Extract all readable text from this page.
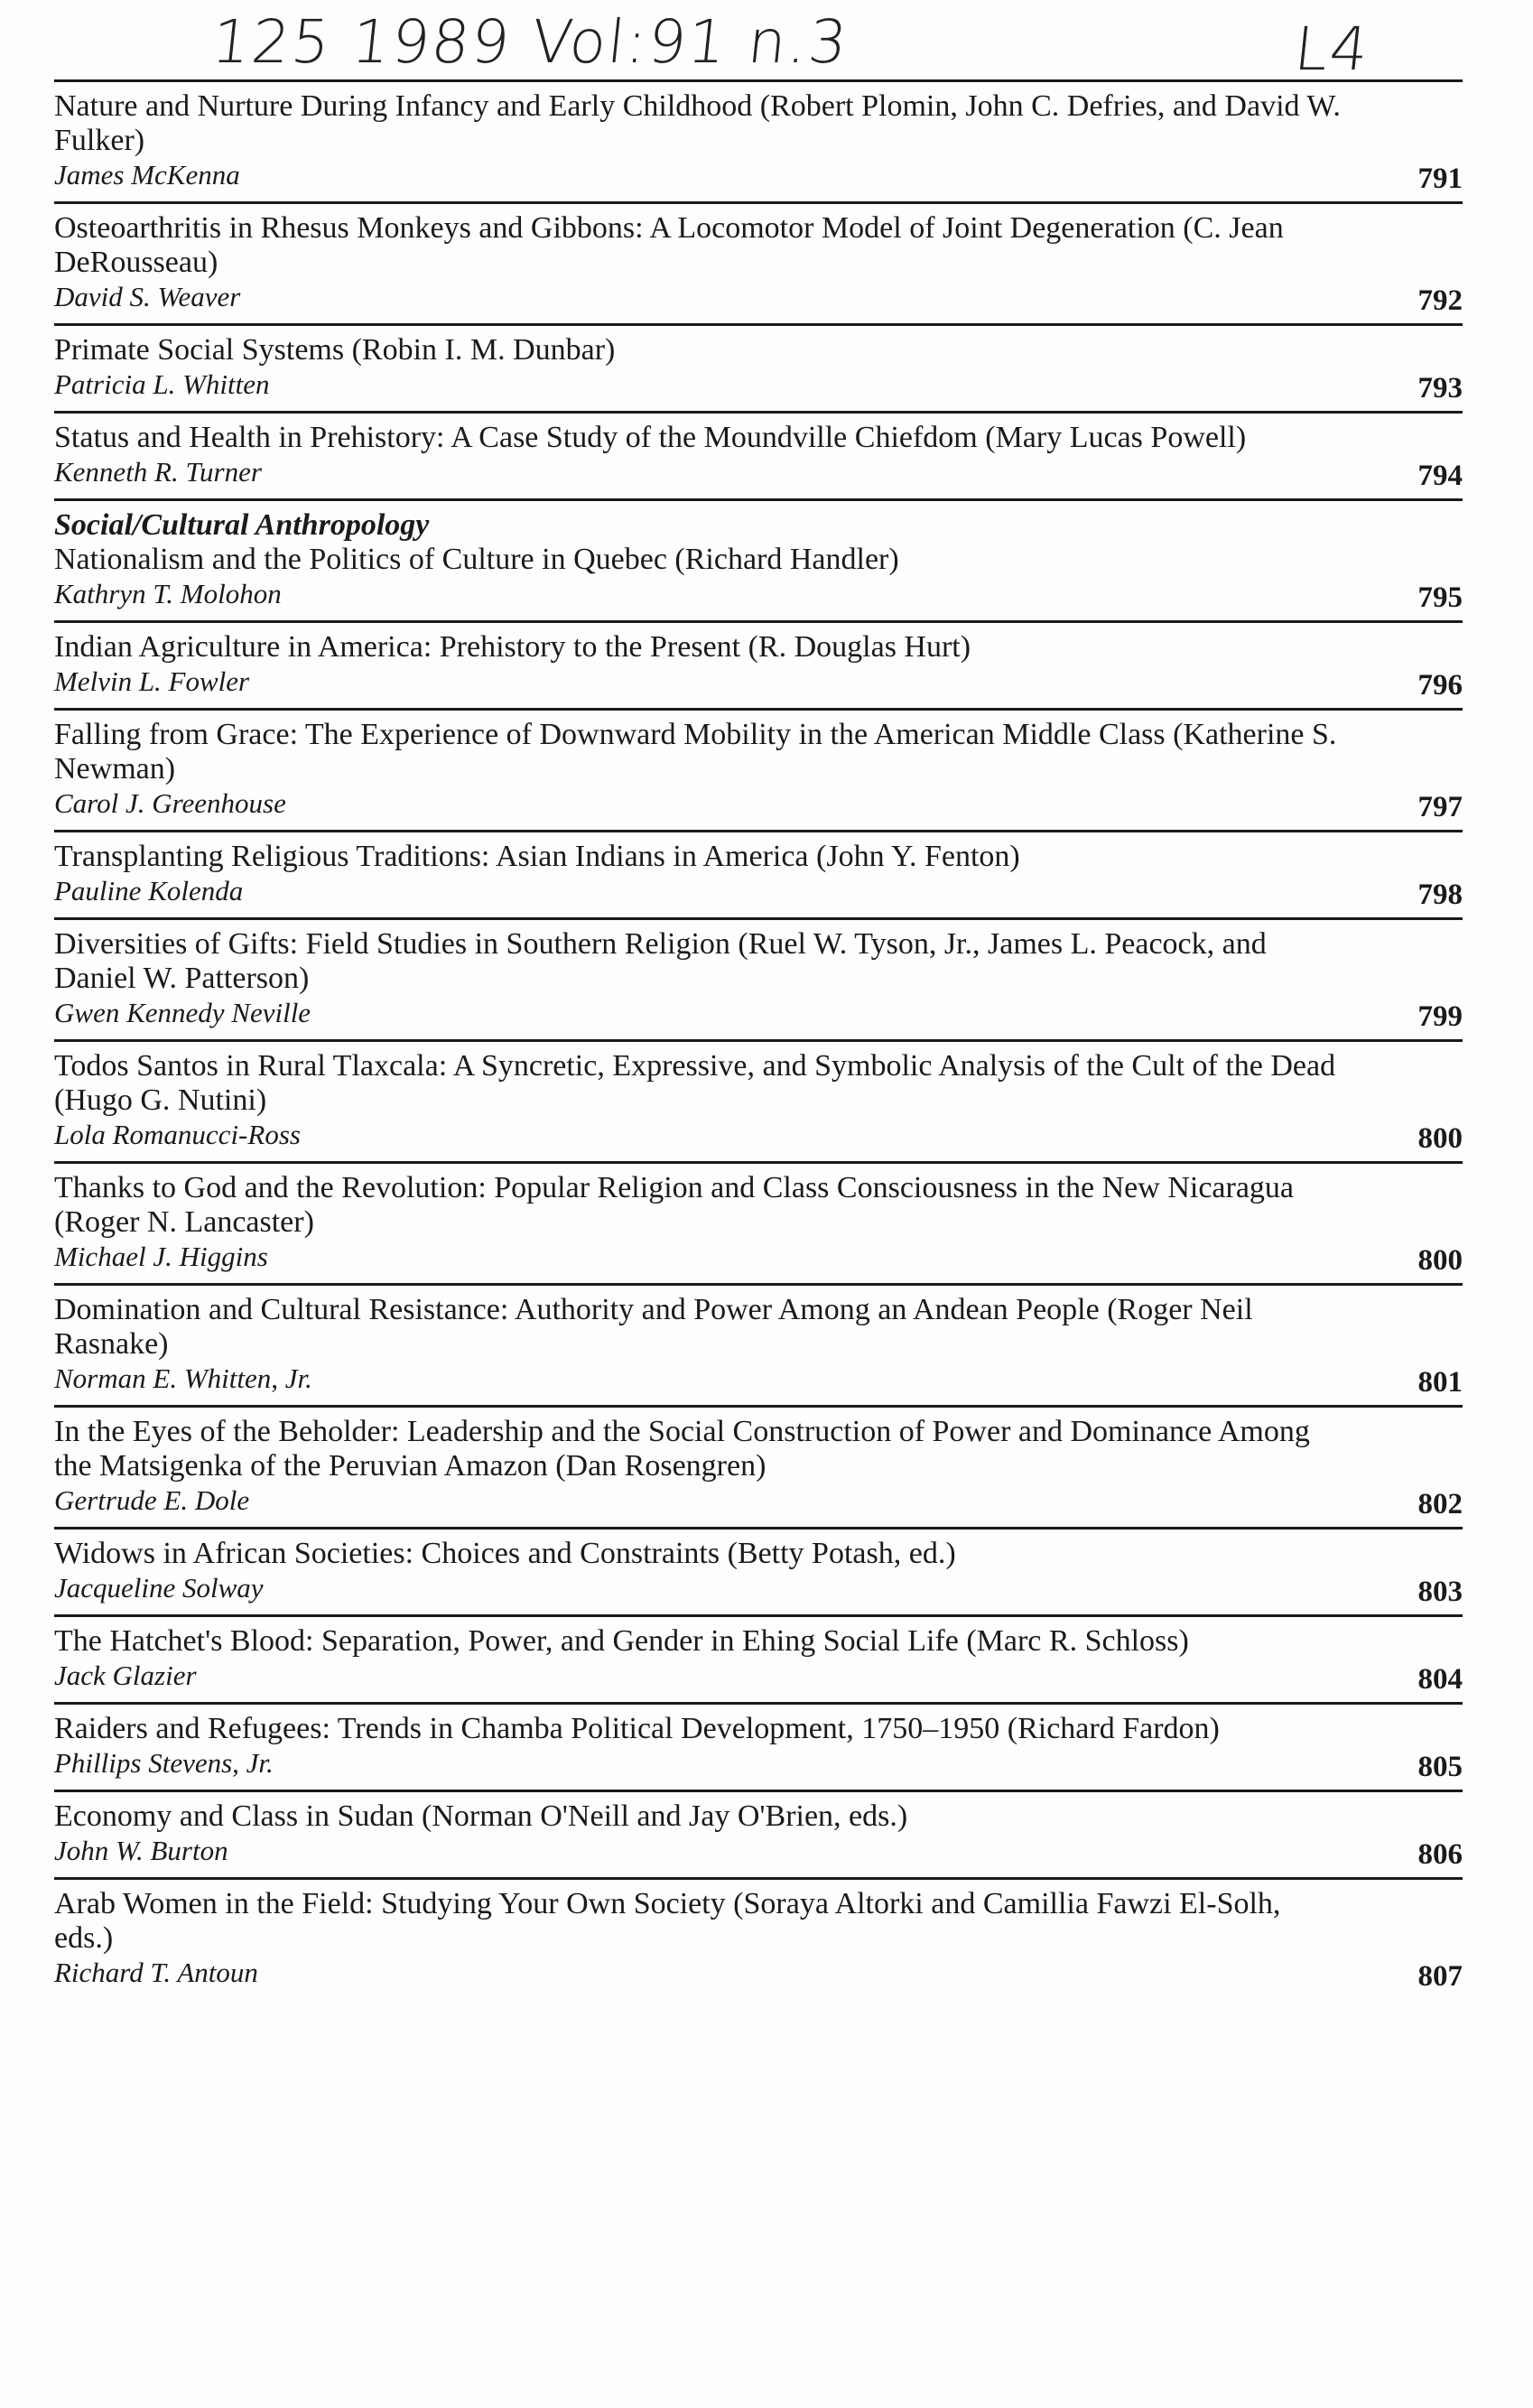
125 1989 Vol:91 n.3

	L4

Nature and Nurture During Infancy and Early Childhood (Robert Plomin, John C. Defries, and David W. Fulker)
James McKenna	791
Osteoarthritis in Rhesus Monkeys and Gibbons: A Locomotor Model of Joint Degeneration (C. Jean DeRousseau)
David S. Weaver	792
Primate Social Systems (Robin I. M. Dunbar)
Patricia L. Whitten	793
Status and Health in Prehistory: A Case Study of the Moundville Chiefdom (Mary Lucas Powell)
Kenneth R. Turner	794
Social/Cultural Anthropology
Nationalism and the Politics of Culture in Quebec (Richard Handler)
Kathryn T. Molohon	795
Indian Agriculture in America: Prehistory to the Present (R. Douglas Hurt)
Melvin L. Fowler	796
Falling from Grace: The Experience of Downward Mobility in the American Middle Class (Katherine S. Newman)
Carol J. Greenhouse	797
Transplanting Religious Traditions: Asian Indians in America (John Y. Fenton)
Pauline Kolenda	798
Diversities of Gifts: Field Studies in Southern Religion (Ruel W. Tyson, Jr., James L. Peacock, and Daniel W. Patterson)
Gwen Kennedy Neville	799
Todos Santos in Rural Tlaxcala: A Syncretic, Expressive, and Symbolic Analysis of the Cult of the Dead (Hugo G. Nutini)
Lola Romanucci-Ross	800
Thanks to God and the Revolution: Popular Religion and Class Consciousness in the New Nicaragua (Roger N. Lancaster)
Michael J. Higgins	800
Domination and Cultural Resistance: Authority and Power Among an Andean People (Roger Neil Rasnake)
Norman E. Whitten, Jr.	801
In the Eyes of the Beholder: Leadership and the Social Construction of Power and Dominance Among the Matsigenka of the Peruvian Amazon (Dan Rosengren)
Gertrude E. Dole	802
Widows in African Societies: Choices and Constraints (Betty Potash, ed.)
Jacqueline Solway	803
The Hatchet's Blood: Separation, Power, and Gender in Ehing Social Life (Marc R. Schloss)
Jack Glazier	804
Raiders and Refugees: Trends in Chamba Political Development, 1750–1950 (Richard Fardon)
Phillips Stevens, Jr.	805
Economy and Class in Sudan (Norman O'Neill and Jay O'Brien, eds.)
John W. Burton	806
Arab Women in the Field: Studying Your Own Society (Soraya Altorki and Camillia Fawzi El-Solh, eds.)
Richard T. Antoun	807
